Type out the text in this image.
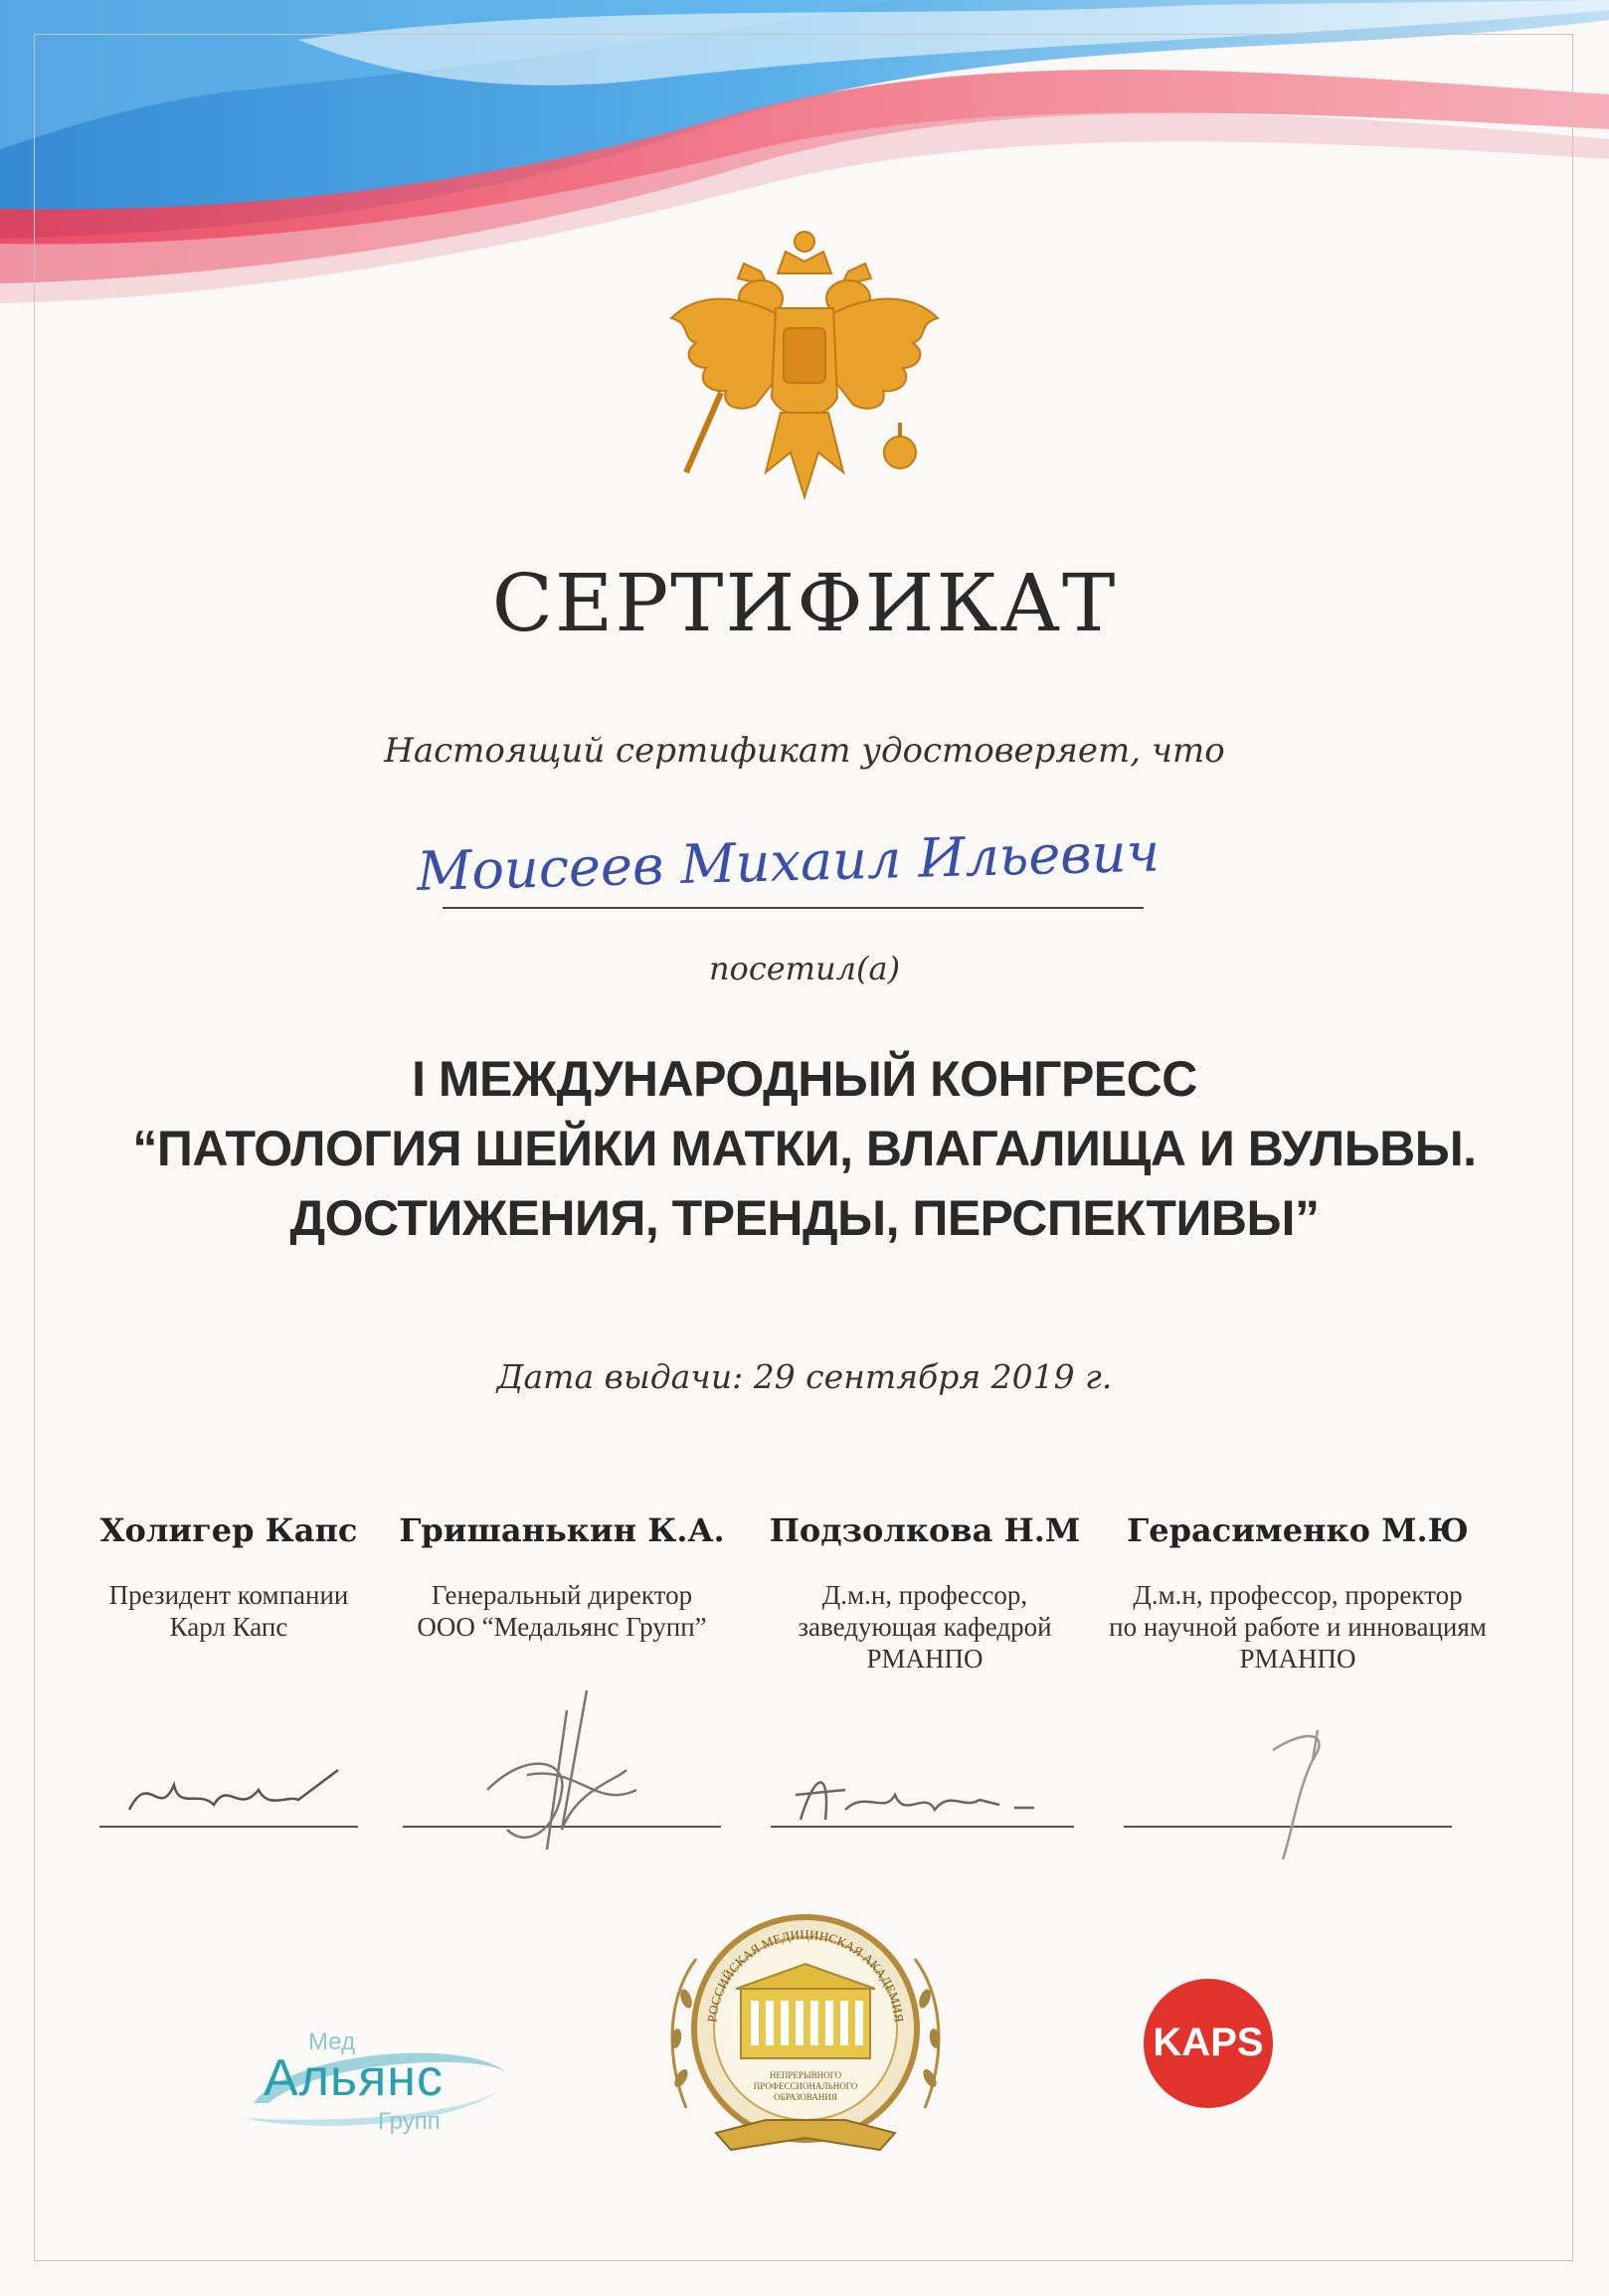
СЕРТИФИКАТ
Настоящий сертификат удостоверяет, что
Моисеев Михаил Ильевич
посетил(а)
I МЕЖДУНАРОДНЫЙ КОНГРЕСС
“ПАТОЛОГИЯ ШЕЙКИ МАТКИ, ВЛАГАЛИЩА И ВУЛЬВЫ.
ДОСТИЖЕНИЯ, ТРЕНДЫ, ПЕРСПЕКТИВЫ”
Дата выдачи: 29 сентября 2019 г.
Холигер Капс
Президент компании
Карл Капс
Гришанькин К.А.
Генеральный директор
ООО “Медальянс Групп”
Подзолкова Н.М
Д.м.н, профессор,
заведующая кафедрой
РМАНПО
Герасименко М.Ю
Д.м.н, профессор, проректор
по научной работе и инновациям
РМАНПО
Мед
Альянс
Групп
РОССИЙСКАЯ МЕДИЦИНСКАЯ АКАДЕМИЯ
НЕПРЕРЫВНОГО ПРОФЕССИОНАЛЬНОГО ОБРАЗОВАНИЯ
KAPS
